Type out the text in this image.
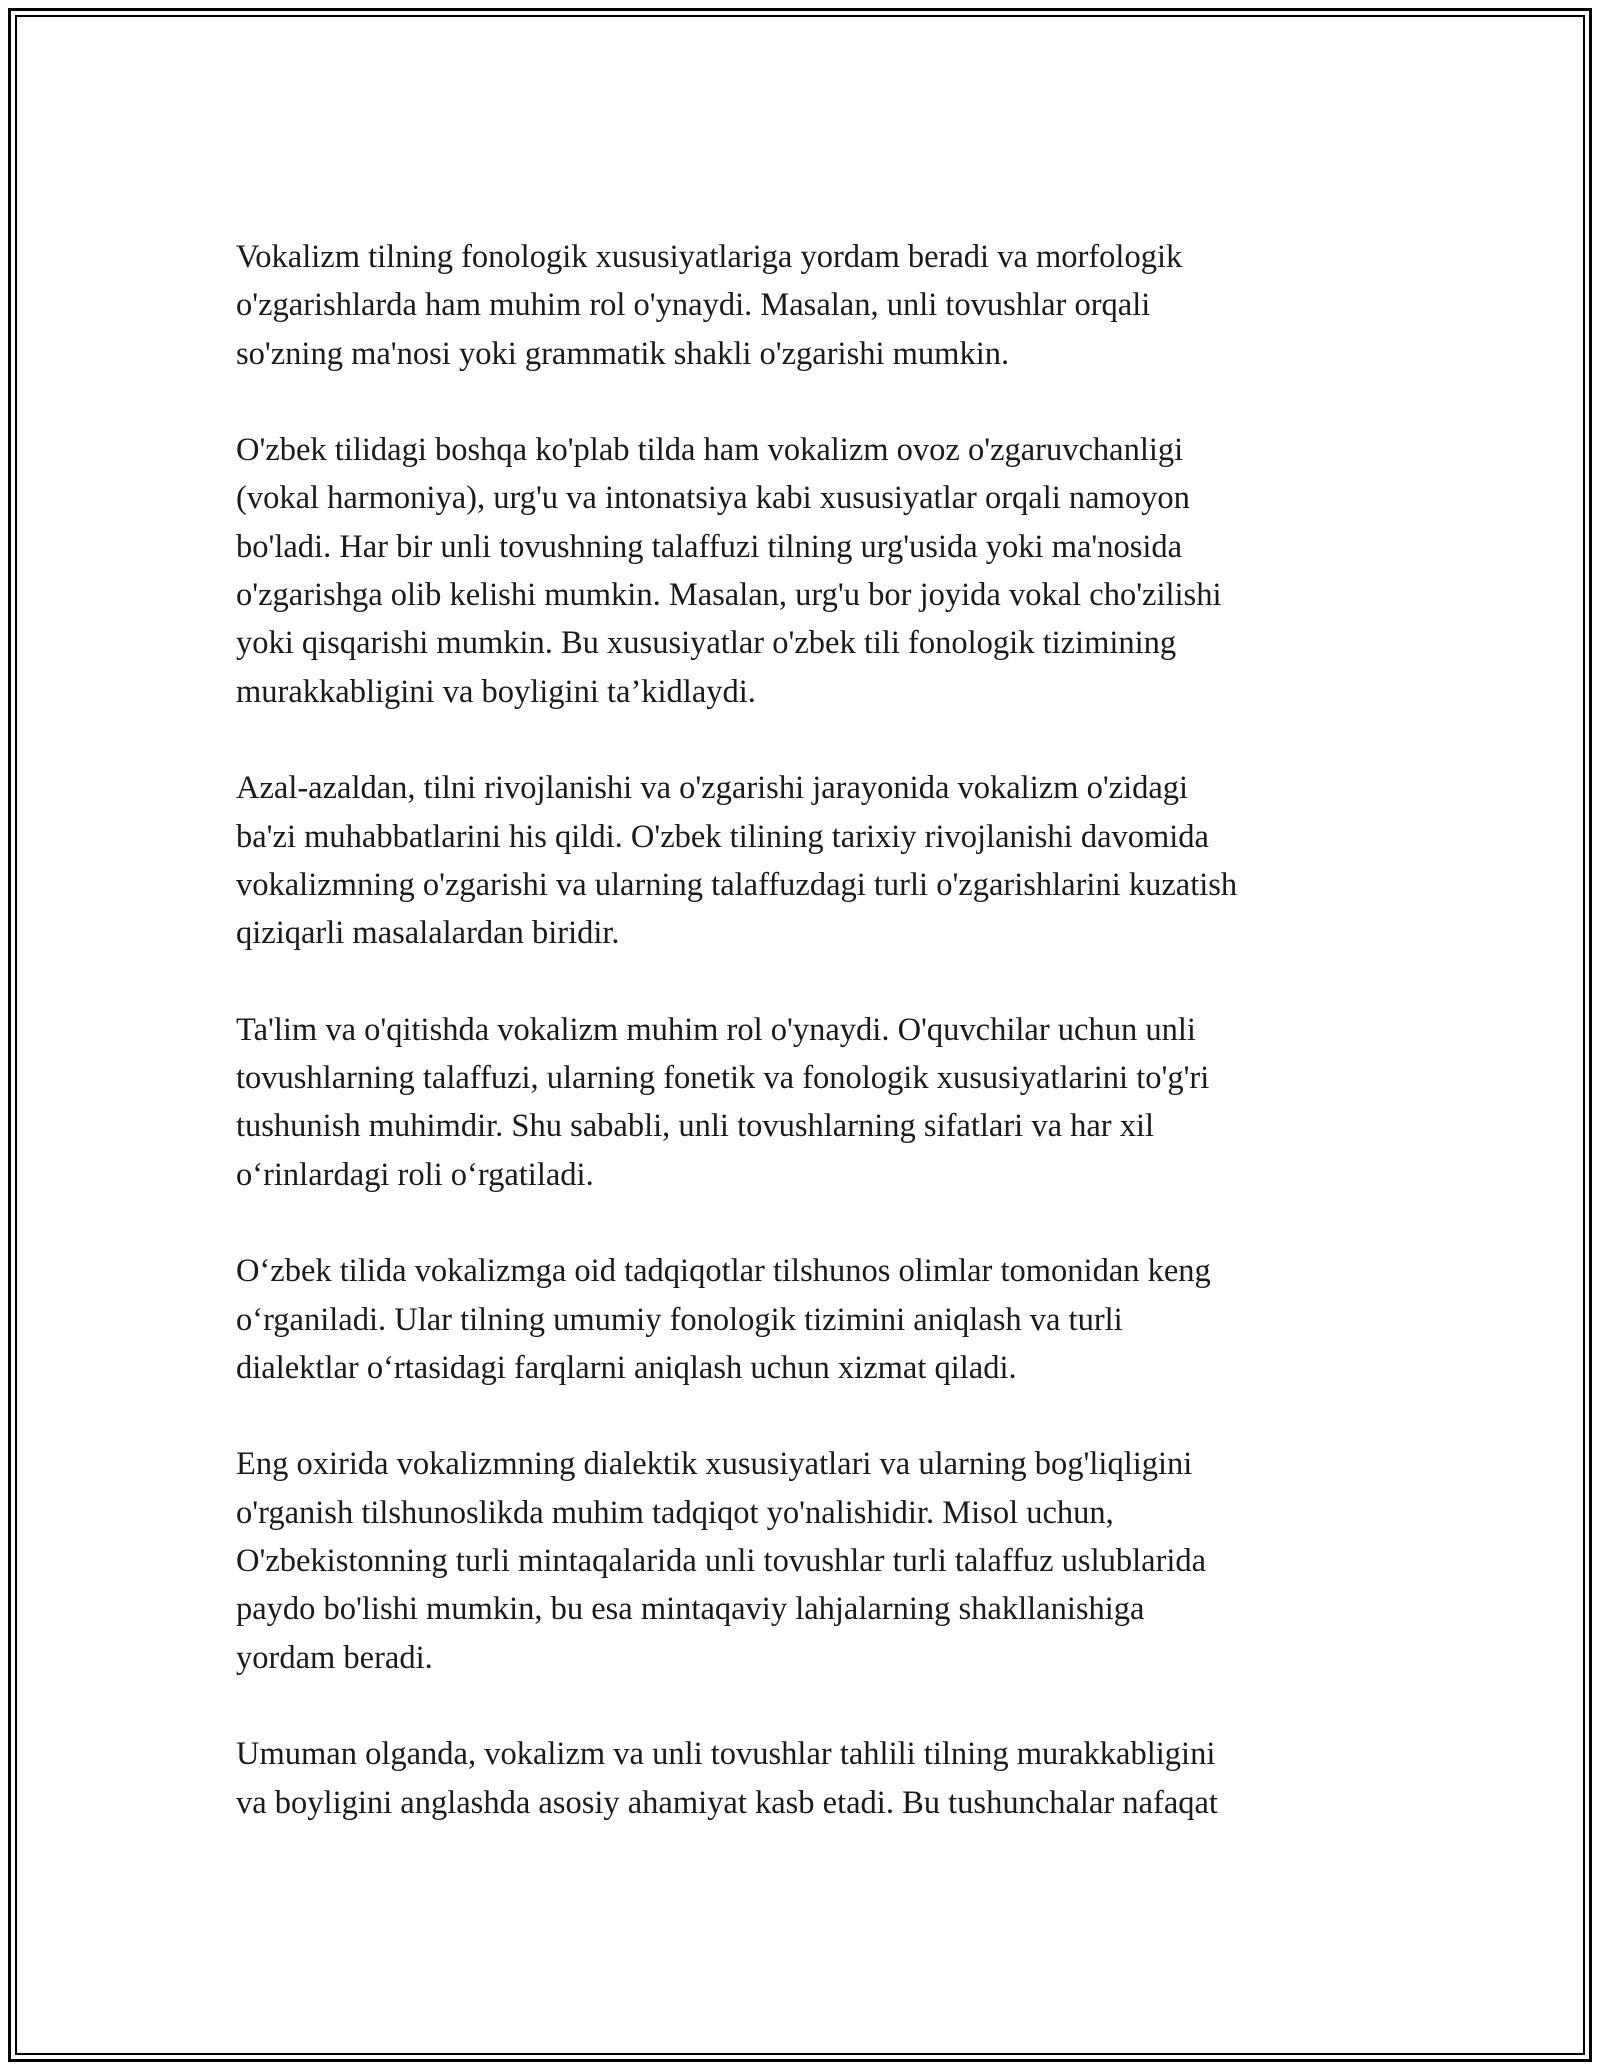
Vokalizm tilning fonologik xususiyatlariga yordam beradi va morfologik
o'zgarishlarda ham muhim rol o'ynaydi. Masalan, unli tovushlar orqali
so'zning ma'nosi yoki grammatik shakli o'zgarishi mumkin.

O'zbek tilidagi boshqa ko'plab tilda ham vokalizm ovoz o'zgaruvchanligi
(vokal harmoniya), urg'u va intonatsiya kabi xususiyatlar orqali namoyon
bo'ladi. Har bir unli tovushning talaffuzi tilning urg'usida yoki ma'nosida
o'zgarishga olib kelishi mumkin. Masalan, urg'u bor joyida vokal cho'zilishi
yoki qisqarishi mumkin. Bu xususiyatlar o'zbek tili fonologik tizimining
murakkabligini va boyligini ta’kidlaydi.

Azal-azaldan, tilni rivojlanishi va o'zgarishi jarayonida vokalizm o'zidagi
ba'zi muhabbatlarini his qildi. O'zbek tilining tarixiy rivojlanishi davomida
vokalizmning o'zgarishi va ularning talaffuzdagi turli o'zgarishlarini kuzatish
qiziqarli masalalardan biridir.

Ta'lim va o'qitishda vokalizm muhim rol o'ynaydi. O'quvchilar uchun unli
tovushlarning talaffuzi, ularning fonetik va fonologik xususiyatlarini to'g'ri
tushunish muhimdir. Shu sababli, unli tovushlarning sifatlari va har xil
o‘rinlardagi roli o‘rgatiladi.

O‘zbek tilida vokalizmga oid tadqiqotlar tilshunos olimlar tomonidan keng
o‘rganiladi. Ular tilning umumiy fonologik tizimini aniqlash va turli
dialektlar o‘rtasidagi farqlarni aniqlash uchun xizmat qiladi.

Eng oxirida vokalizmning dialektik xususiyatlari va ularning bog'liqligini
o'rganish tilshunoslikda muhim tadqiqot yo'nalishidir. Misol uchun,
O'zbekistonning turli mintaqalarida unli tovushlar turli talaffuz uslublarida
paydo bo'lishi mumkin, bu esa mintaqaviy lahjalarning shakllanishiga
yordam beradi.

Umuman olganda, vokalizm va unli tovushlar tahlili tilning murakkabligini
va boyligini anglashda asosiy ahamiyat kasb etadi. Bu tushunchalar nafaqat
